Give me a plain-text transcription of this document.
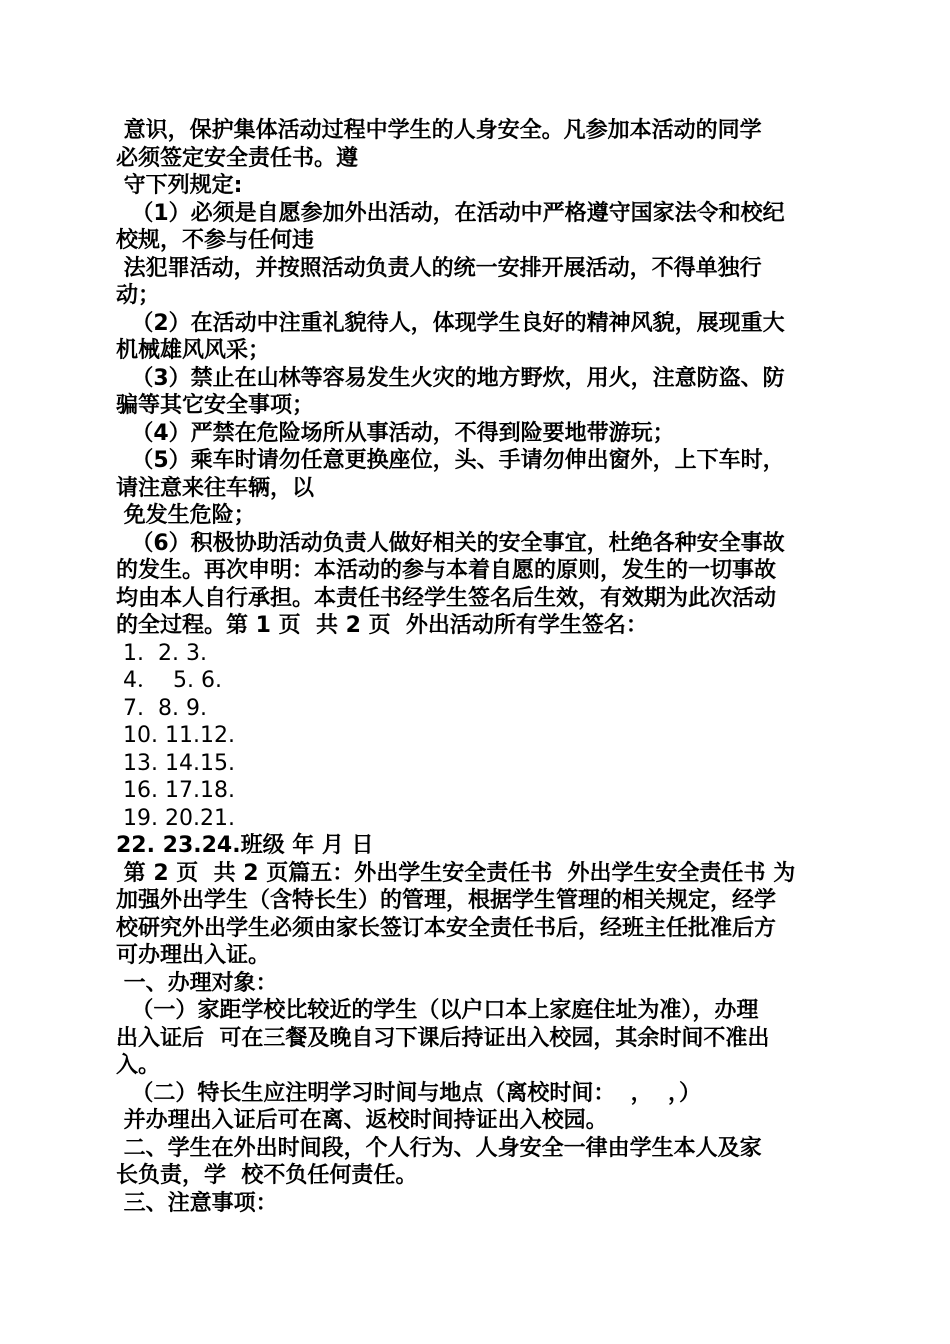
意识，保护集体活动过程中学生的人身安全。凡参加本活动的同学
必须签定安全责任书。遵
守下列规定:
（1）必须是自愿参加外出活动，在活动中严格遵守国家法令和校纪
校规，不参与任何违
法犯罪活动，并按照活动负责人的统一安排开展活动，不得单独行
动；
（2）在活动中注重礼貌待人，体现学生良好的精神风貌，展现重大
机械雄风风采；
（3）禁止在山林等容易发生火灾的地方野炊，用火，注意防盗、防
骗等其它安全事项；
（4）严禁在危险场所从事活动，不得到险要地带游玩；
（5）乘车时请勿任意更换座位，头、手请勿伸出窗外，上下车时，
请注意来往车辆，以
免发生危险；
（6）积极协助活动负责人做好相关的安全事宜，杜绝各种安全事故
的发生。再次申明：本活动的参与本着自愿的原则，发生的一切事故
均由本人自行承担。本责任书经学生签名后生效，有效期为此次活动
的全过程。第 1 页  共 2 页  外出活动所有学生签名：
1.  2. 3.
4．  5. 6.
7.  8. 9.
10. 11.12.
13. 14.15.
16. 17.18.
19. 20.21.
22. 23.24.班级 年 月 日
第 2 页  共 2 页篇五：外出学生安全责任书  外出学生安全责任书 为
加强外出学生（含特长生）的管理，根据学生管理的相关规定，经学
校研究外出学生必须由家长签订本安全责任书后，经班主任批准后方
可办理出入证。
一、办理对象：
（一）家距学校比较近的学生（以户口本上家庭住址为准），办理
出入证后  可在三餐及晚自习下课后持证出入校园，其余时间不准出
入。
（二）特长生应注明学习时间与地点（离校时间：  ，  ，）
并办理出入证后可在离、返校时间持证出入校园。
二、学生在外出时间段，个人行为、人身安全一律由学生本人及家
长负责，学  校不负任何责任。
三、注意事项：
